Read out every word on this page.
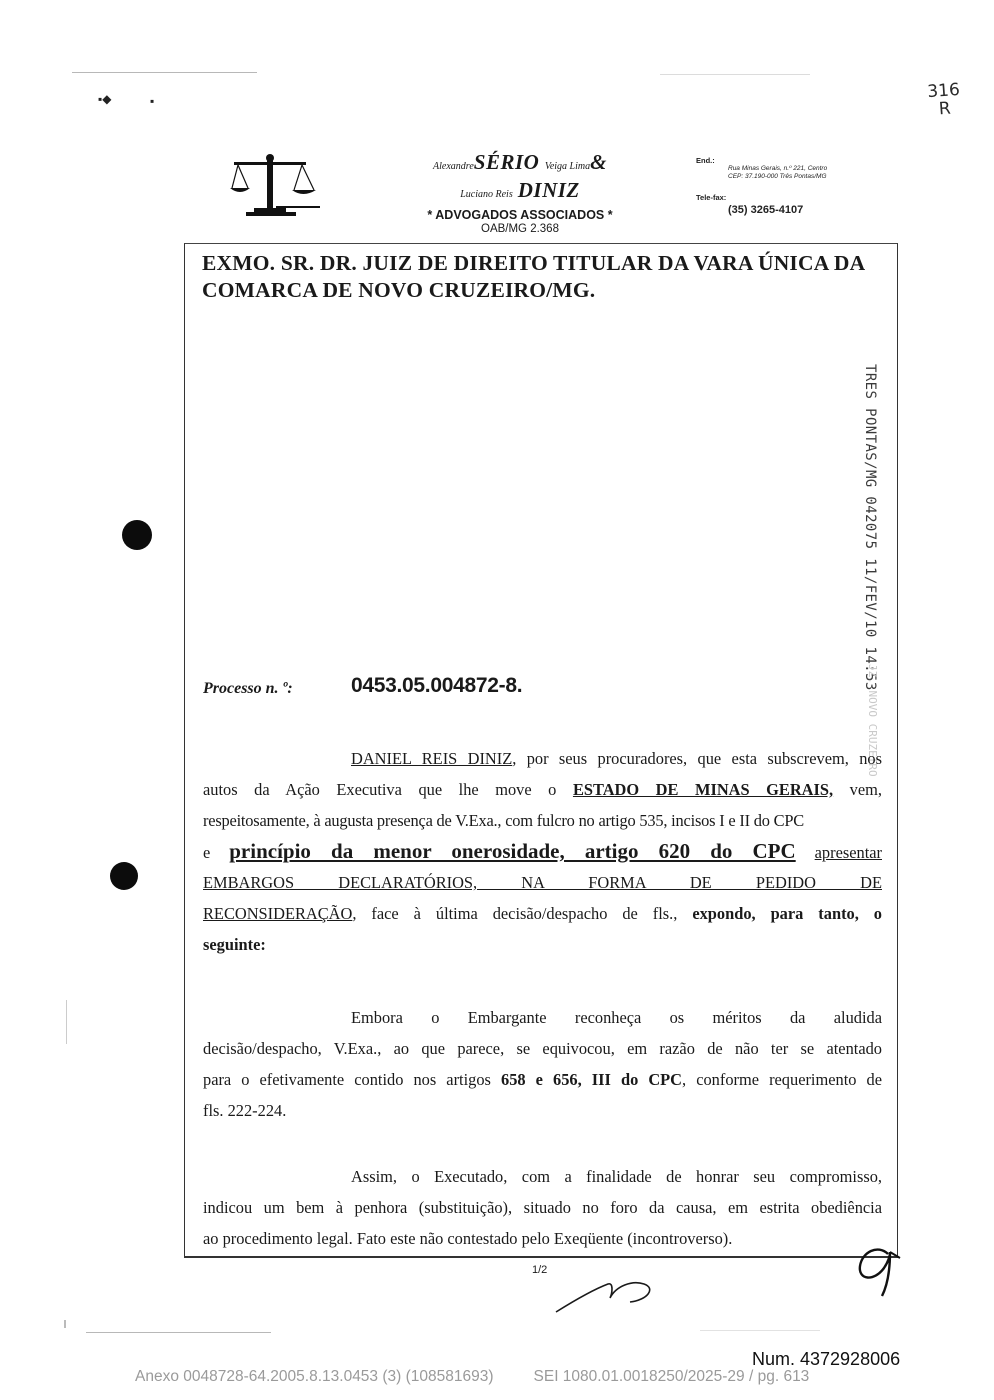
▪◆	▪	316
R
AlexandreSÉRIO Veiga Lima&
Luciano Reis DINIZ
* ADVOGADOS ASSOCIADOS *
OAB/MG 2.368
End.:
Rua Minas Gerais, n.º 221, Centro
CEP: 37.190-000 Três Pontas/MG
Tele-fax:
(35) 3265-4107
EXMO. SR. DR. JUIZ DE DIREITO TITULAR DA VARA ÚNICA DA
COMARCA DE NOVO CRUZEIRO/MG.
TRES PONTAS/MG 042075 11/FEV/10 14:53
JZ. NOVO CRUZEIRO
Processo n. º:	0453.05.004872-8.
DANIEL REIS DINIZ, por seus procuradores, que esta subscrevem, nos
autos da Ação Executiva que lhe move o ESTADO DE MINAS GERAIS, vem,
respeitosamente, à augusta presença de V.Exa., com fulcro no artigo 535, incisos I e II do CPC
e princípio da menor onerosidade, artigo 620 do CPC apresentar
EMBARGOS DECLARATÓRIOS, NA FORMA DE PEDIDO DE
RECONSIDERAÇÃO, face à última decisão/despacho de fls., expondo, para tanto, o
seguinte:
Embora o Embargante reconheça os méritos da aludida
decisão/despacho, V.Exa., ao que parece, se equivocou, em razão de não ter se atentado
para o efetivamente contido nos artigos 658 e 656, III do CPC, conforme requerimento de
fls. 222-224.
Assim, o Executado, com a finalidade de honrar seu compromisso,
indicou um bem à penhora (substituição), situado no foro da causa, em estrita obediência
ao procedimento legal. Fato este não contestado pelo Exeqüente (incontroverso).
1/2
Num. 4372928006
Anexo 0048728-64.2005.8.13.0453 (3) (108581693)	SEI 1080.01.0018250/2025-29 / pg. 613
